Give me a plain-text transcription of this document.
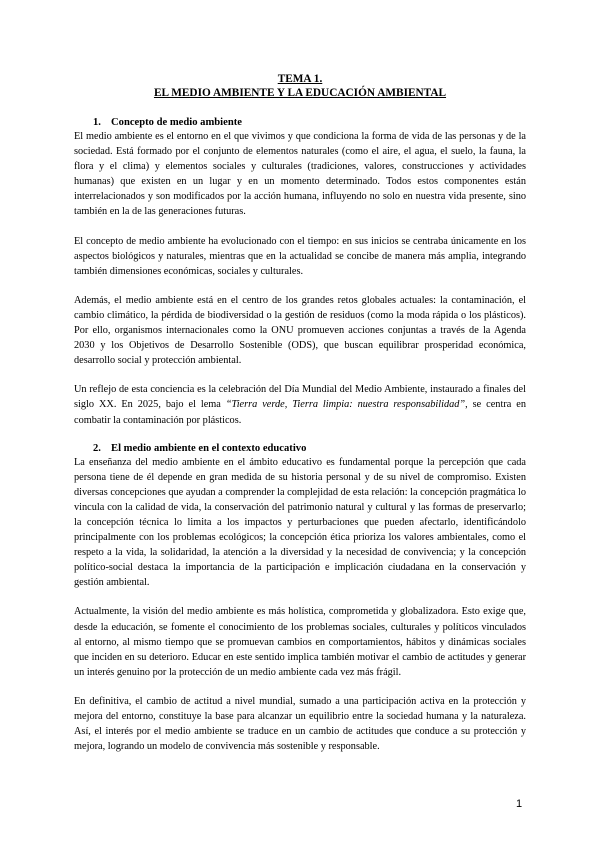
TEMA 1.
EL MEDIO AMBIENTE Y LA EDUCACIÓN AMBIENTAL
1. Concepto de medio ambiente

El medio ambiente es el entorno en el que vivimos y que condiciona la forma de vida de las personas y de la sociedad. Está formado por el conjunto de elementos naturales (como el aire, el agua, el suelo, la fauna, la flora y el clima) y elementos sociales y culturales (tradiciones, valores, construcciones y actividades humanas) que existen en un lugar y en un momento determinado. Todos estos componentes están interrelacionados y son modificados por la acción humana, influyendo no solo en nuestra vida presente, sino también en la de las generaciones futuras.

El concepto de medio ambiente ha evolucionado con el tiempo: en sus inicios se centraba únicamente en los aspectos biológicos y naturales, mientras que en la actualidad se concibe de manera más amplia, integrando también dimensiones económicas, sociales y culturales.

Además, el medio ambiente está en el centro de los grandes retos globales actuales: la contaminación, el cambio climático, la pérdida de biodiversidad o la gestión de residuos (como la moda rápida o los plásticos). Por ello, organismos internacionales como la ONU promueven acciones conjuntas a través de la Agenda 2030 y los Objetivos de Desarrollo Sostenible (ODS), que buscan equilibrar prosperidad económica, desarrollo social y protección ambiental.

Un reflejo de esta conciencia es la celebración del Día Mundial del Medio Ambiente, instaurado a finales del siglo XX. En 2025, bajo el lema “Tierra verde, Tierra limpia: nuestra responsabilidad”, se centra en combatir la contaminación por plásticos.

2. El medio ambiente en el contexto educativo

La enseñanza del medio ambiente en el ámbito educativo es fundamental porque la percepción que cada persona tiene de él depende en gran medida de su historia personal y de su nivel de compromiso. Existen diversas concepciones que ayudan a comprender la complejidad de esta relación: la concepción pragmática lo vincula con la calidad de vida, la conservación del patrimonio natural y cultural y las formas de preservarlo; la concepción técnica lo limita a los impactos y perturbaciones que pueden afectarlo, identificándolo principalmente con los problemas ecológicos; la concepción ética prioriza los valores ambientales, como el respeto a la vida, la solidaridad, la atención a la diversidad y la necesidad de convivencia; y la concepción político-social destaca la importancia de la participación e implicación ciudadana en la conservación y gestión ambiental.

Actualmente, la visión del medio ambiente es más holística, comprometida y globalizadora. Esto exige que, desde la educación, se fomente el conocimiento de los problemas sociales, culturales y políticos vinculados al entorno, al mismo tiempo que se promuevan cambios en comportamientos, hábitos y dinámicas sociales que inciden en su deterioro. Educar en este sentido implica también motivar el cambio de actitudes y generar un interés genuino por la protección de un medio ambiente cada vez más frágil.

En definitiva, el cambio de actitud a nivel mundial, sumado a una participación activa en la protección y mejora del entorno, constituye la base para alcanzar un equilibrio entre la sociedad humana y la naturaleza. Así, el interés por el medio ambiente se traduce en un cambio de actitudes que conduce a su protección y mejora, logrando un modelo de convivencia más sostenible y responsable.

1
